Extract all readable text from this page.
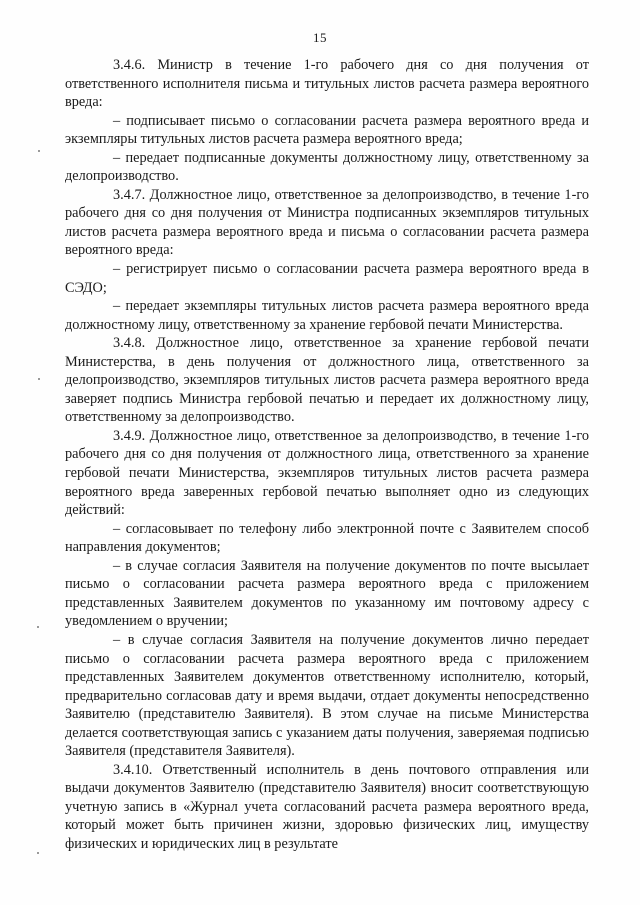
15

3.4.6. Министр в течение 1-го рабочего дня со дня получения от ответственного исполнителя письма и титульных листов расчета размера вероятного вреда:

– подписывает письмо о согласовании расчета размера вероятного вреда и экземпляры титульных листов расчета размера вероятного вреда;

– передает подписанные документы должностному лицу, ответственному за делопроизводство.

3.4.7. Должностное лицо, ответственное за делопроизводство, в течение 1-го рабочего дня со дня получения от Министра подписанных экземпляров титульных листов расчета размера вероятного вреда и письма о согласовании расчета размера вероятного вреда:

– регистрирует письмо о согласовании расчета размера вероятного вреда в СЭДО;

– передает экземпляры титульных листов расчета размера вероятного вреда должностному лицу, ответственному за хранение гербовой печати Министерства.

3.4.8. Должностное лицо, ответственное за хранение гербовой печати Министерства, в день получения от должностного лица, ответственного за делопроизводство, экземпляров титульных листов расчета размера вероятного вреда заверяет подпись Министра гербовой печатью и передает их должностному лицу, ответственному за делопроизводство.

3.4.9. Должностное лицо, ответственное за делопроизводство, в течение 1-го рабочего дня со дня получения от должностного лица, ответственного за хранение гербовой печати Министерства, экземпляров титульных листов расчета размера вероятного вреда заверенных гербовой печатью выполняет одно из следующих действий:

– согласовывает по телефону либо электронной почте с Заявителем способ направления документов;

– в случае согласия Заявителя на получение документов по почте высылает письмо о согласовании расчета размера вероятного вреда с приложением представленных Заявителем документов по указанному им почтовому адресу с уведомлением о вручении;

– в случае согласия Заявителя на получение документов лично передает письмо о согласовании расчета размера вероятного вреда с приложением представленных Заявителем документов ответственному исполнителю, который, предварительно согласовав дату и время выдачи, отдает документы непосредственно Заявителю (представителю Заявителя). В этом случае на письме Министерства делается соответствующая запись с указанием даты получения, заверяемая подписью Заявителя (представителя Заявителя).

3.4.10. Ответственный исполнитель в день почтового отправления или выдачи документов Заявителю (представителю Заявителя) вносит соответствующую учетную запись в «Журнал учета согласований расчета размера вероятного вреда, который может быть причинен жизни, здоровью физических лиц, имуществу физических и юридических лиц в результате
